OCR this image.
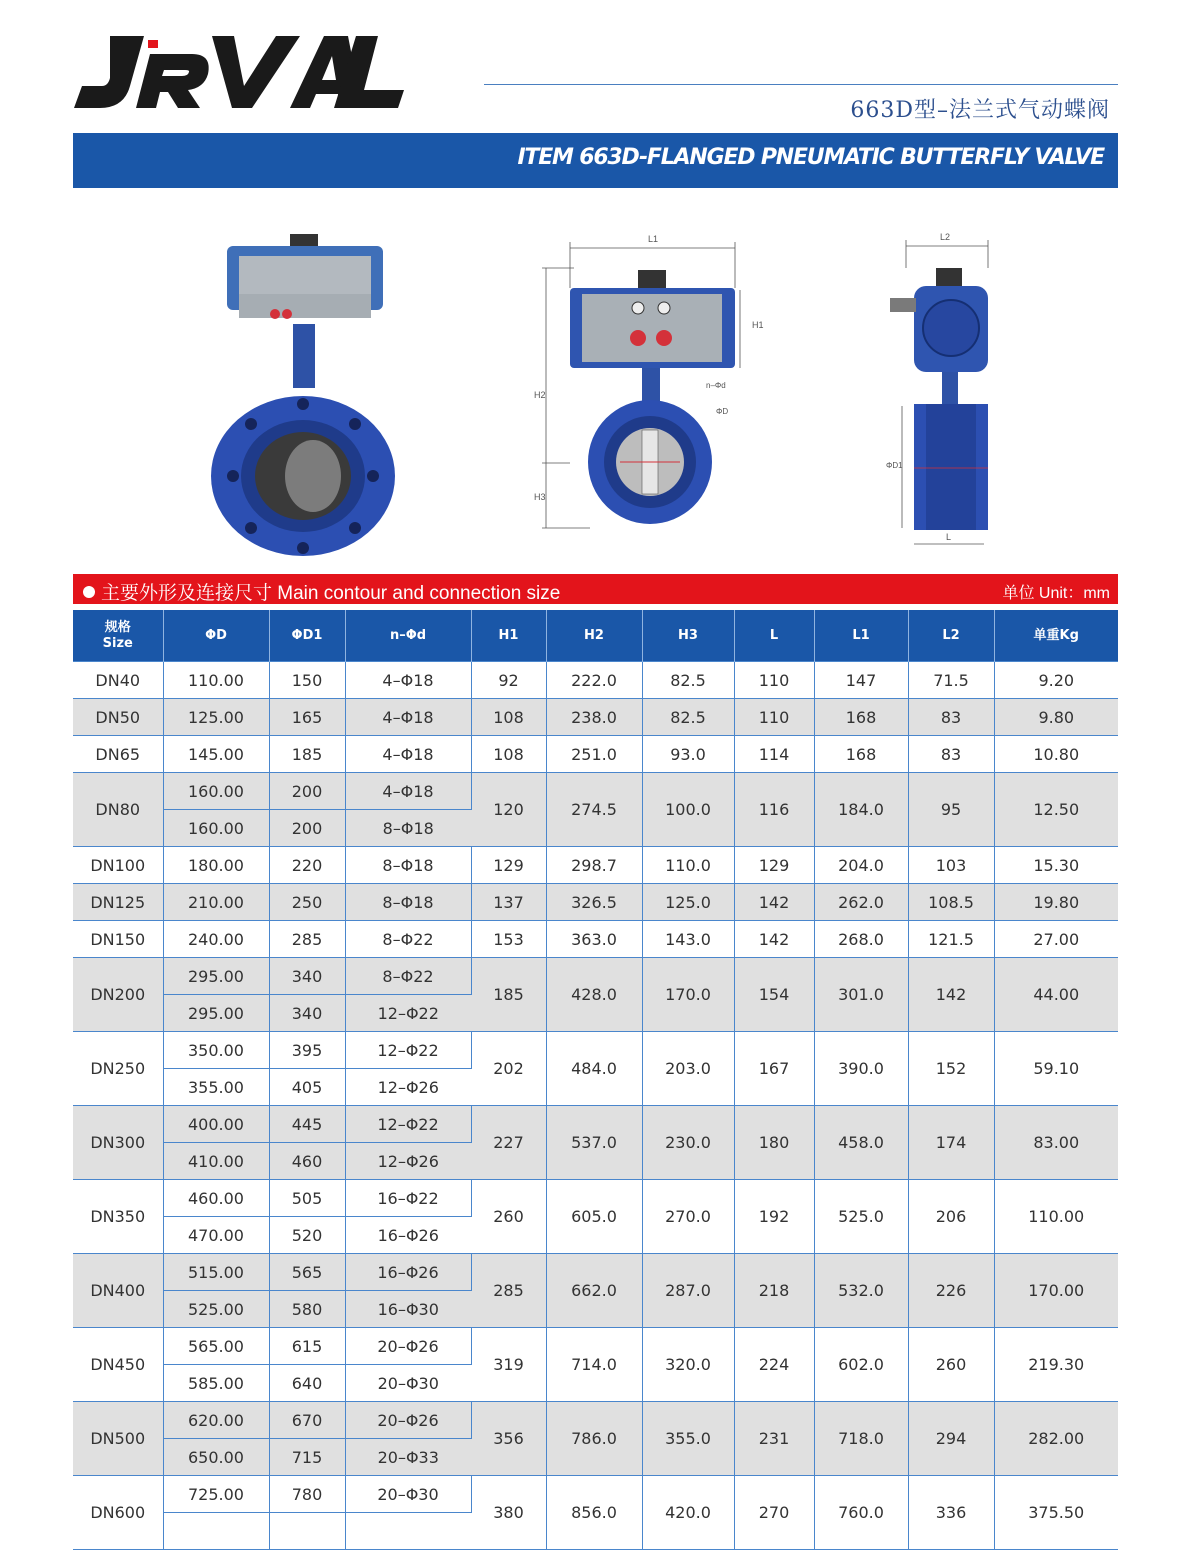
663D型–法兰式气动蝶阀
ITEM 663D-FLANGED PNEUMATIC BUTTERFLY VALVE
L1
H1
H2
H3
n–Φd
ΦD
L2
ΦD1
L
主要外形及连接尺寸 Main contour and connection size	单位 Unit：mm
规格
Size	ΦD	ΦD1	n–Φd	H1	H2	H3	L	L1	L2	单重Kg
DN40	110.00	150	4–Φ18	92	222.0	82.5	110	147	71.5	9.20
DN50	125.00	165	4–Φ18	108	238.0	82.5	110	168	83	9.80
DN65	145.00	185	4–Φ18	108	251.0	93.0	114	168	83	10.80
DN80	160.00	200	4–Φ18	120	274.5	100.0	116	184.0	95	12.50
	160.00	200	8–Φ18							
DN100	180.00	220	8–Φ18	129	298.7	110.0	129	204.0	103	15.30
DN125	210.00	250	8–Φ18	137	326.5	125.0	142	262.0	108.5	19.80
DN150	240.00	285	8–Φ22	153	363.0	143.0	142	268.0	121.5	27.00
DN200	295.00	340	8–Φ22	185	428.0	170.0	154	301.0	142	44.00
	295.00	340	12–Φ22							
DN250	350.00	395	12–Φ22	202	484.0	203.0	167	390.0	152	59.10
	355.00	405	12–Φ26							
DN300	400.00	445	12–Φ22	227	537.0	230.0	180	458.0	174	83.00
	410.00	460	12–Φ26							
DN350	460.00	505	16–Φ22	260	605.0	270.0	192	525.0	206	110.00
	470.00	520	16–Φ26							
DN400	515.00	565	16–Φ26	285	662.0	287.0	218	532.0	226	170.00
	525.00	580	16–Φ30							
DN450	565.00	615	20–Φ26	319	714.0	320.0	224	602.0	260	219.30
	585.00	640	20–Φ30							
DN500	620.00	670	20–Φ26	356	786.0	355.0	231	718.0	294	282.00
	650.00	715	20–Φ33							
DN600	725.00	780	20–Φ30	380	856.0	420.0	270	760.0	336	375.50
